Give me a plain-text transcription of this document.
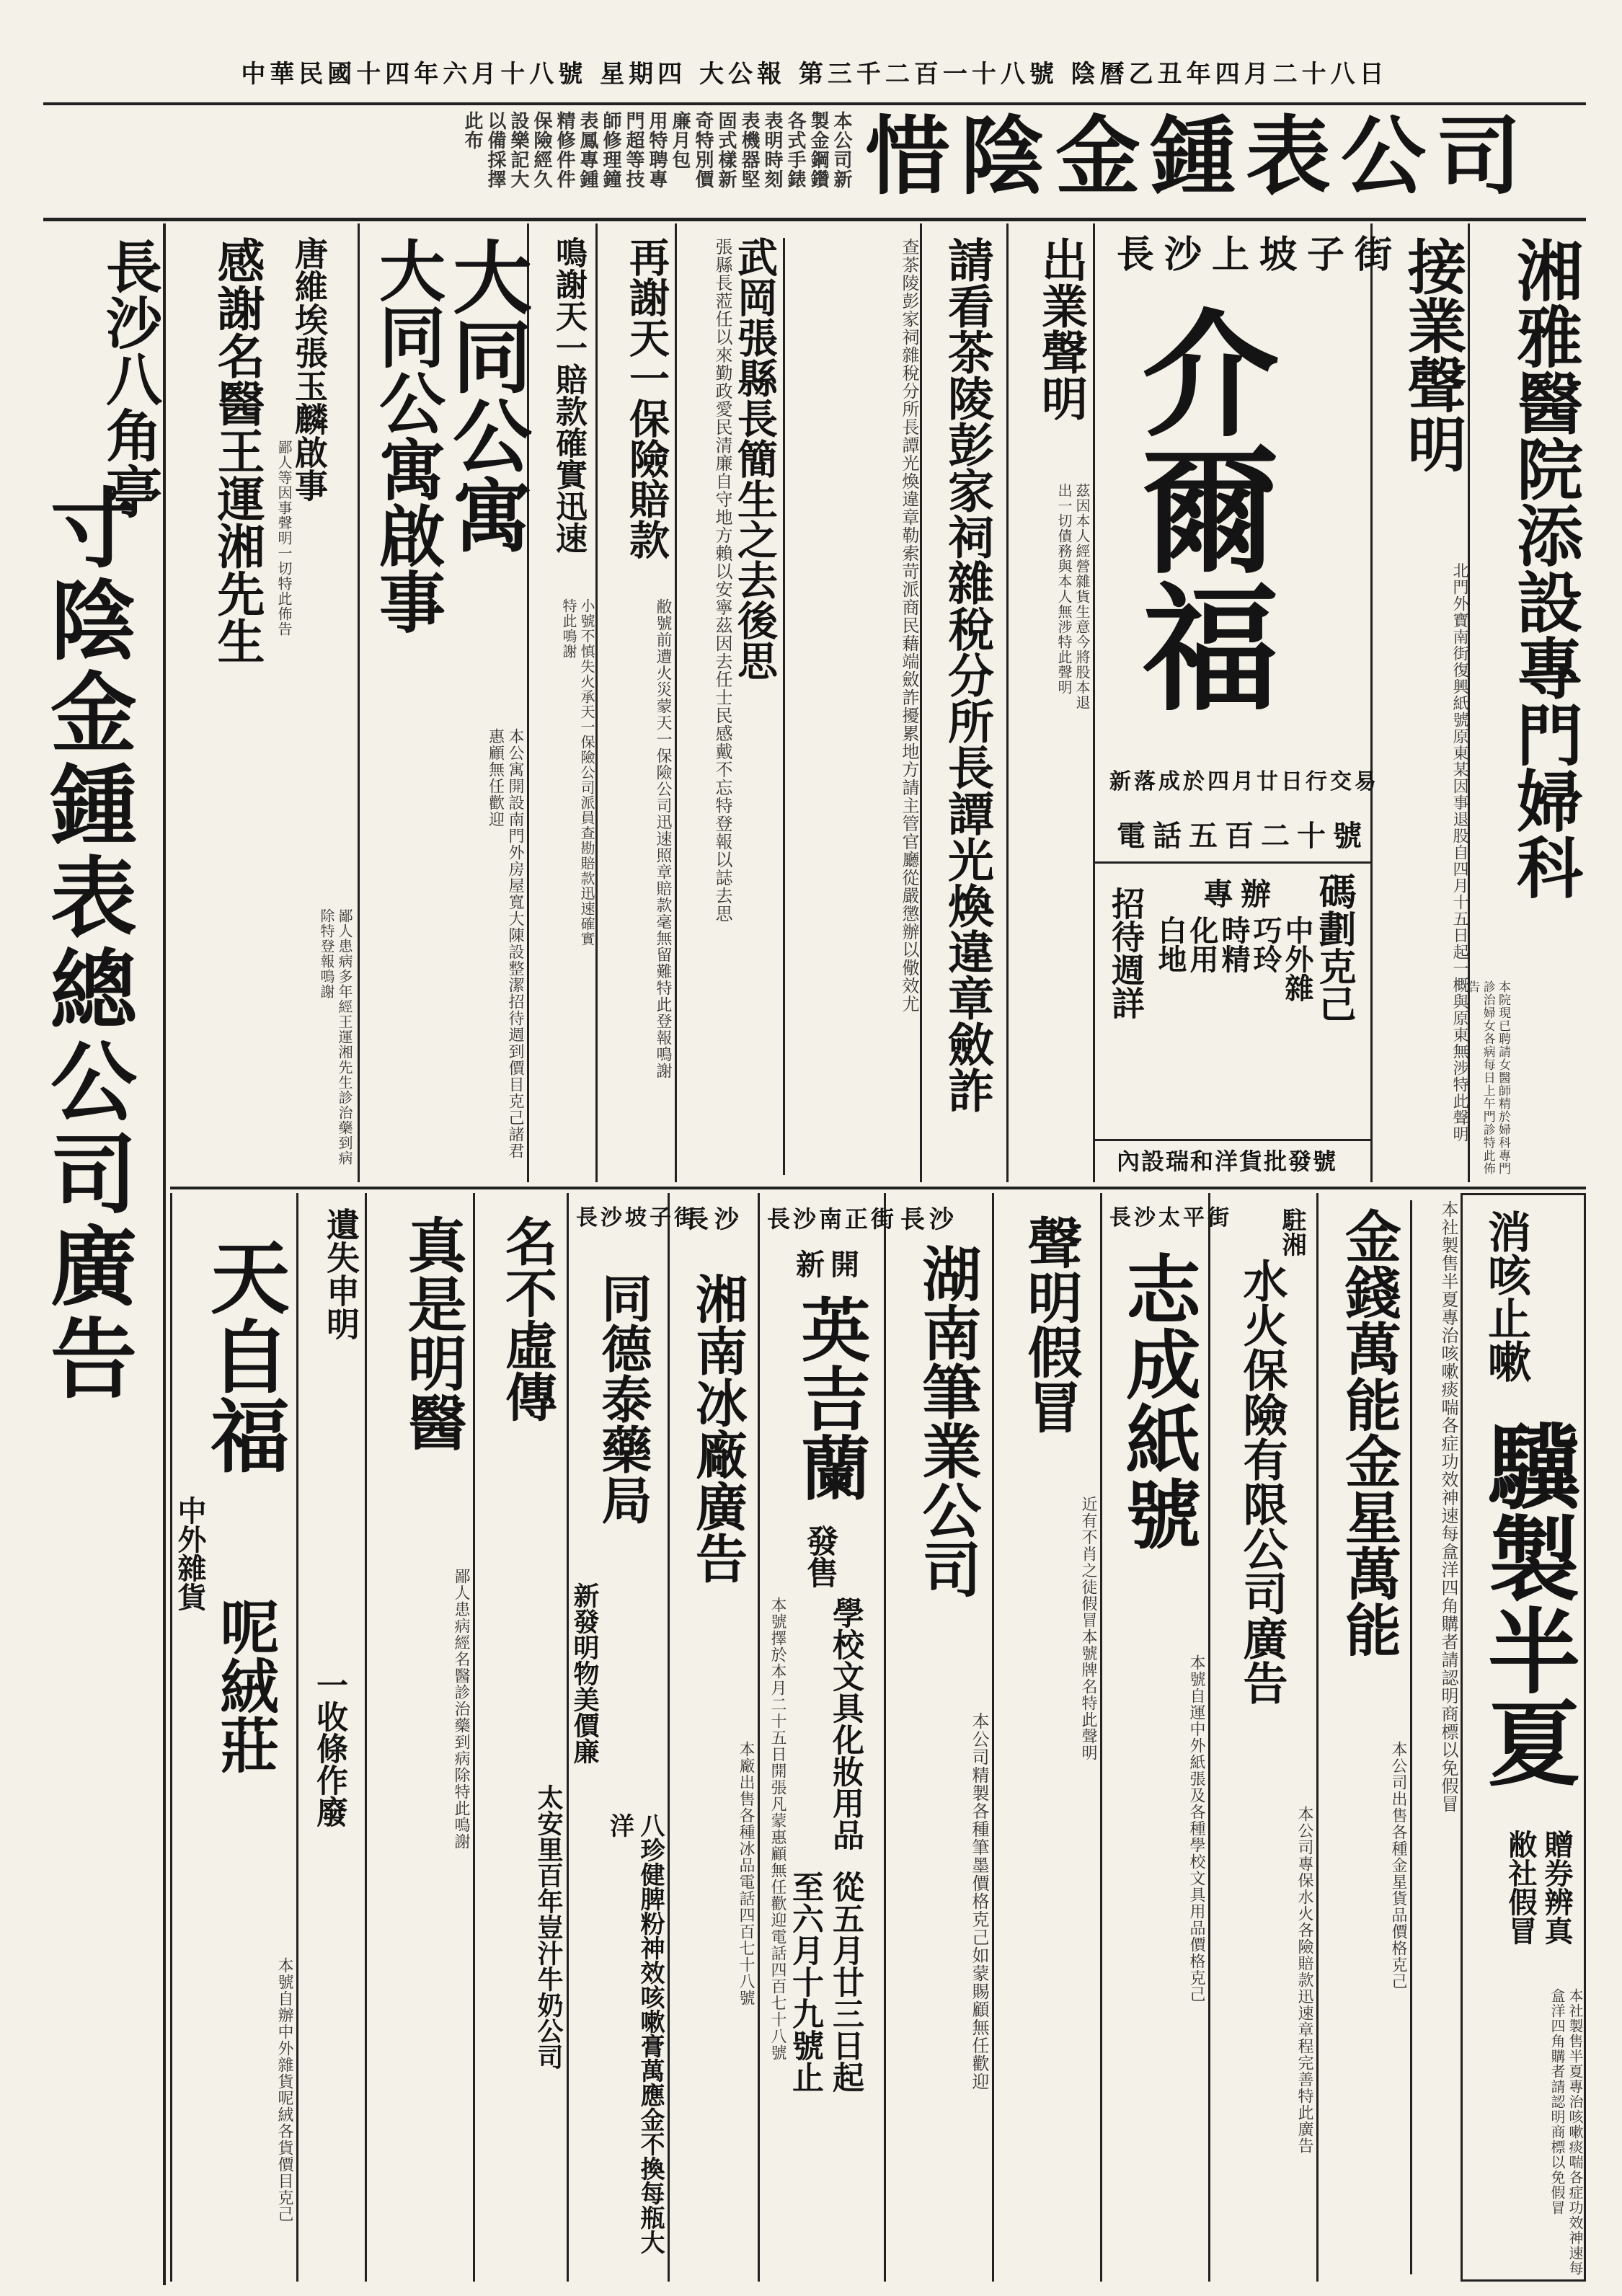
中華民國十四年六月十八號 星期四 大公報 第三千二百一十八號 陰曆乙丑年四月二十八日
惜陰金鍾表公司
本公司新
製金鋼鑽
各式手錶
表明時刻
表機器堅
固式樣新
奇特別價
廉月包
用特聘專
門超等技
師修理鐘
表鳳專鍾
精修件件
保險經久
設樂記大
以備採擇
此布
長沙八角亭
寸陰金鍾表總公司廣告	湘雅醫院添設專門婦科
本院現已聘請女醫師精於婦科專門診治婦女各病每日上午門診特此佈告
接業聲明
北門外寶南街復興紙號原東某因事退股自四月十五日起一概與原東無涉特此聲明
長沙上坡子街
介爾福
新落成於四月廿日行交易
電話五百二十號
碼劃克己
專辦
中外雜
巧玲
時精
化用
白地
招待週詳
內設瑞和洋貨批發號
出業聲明
茲因本人經營雜貨生意今將股本退出一切債務與本人無涉特此聲明
請看茶陵彭家祠雜稅分所長譚光煥違章斂詐
查茶陵彭家祠雜稅分所長譚光煥違章勒索苛派商民藉端斂詐擾累地方請主管官廳從嚴懲辦以儆效尤
武岡張縣長簡生之去後思
張縣長蒞任以來勤政愛民清廉自守地方賴以安寧茲因去任士民感戴不忘特登報以誌去思
再謝天一保險賠款
敝號前遭火災蒙天一保險公司迅速照章賠款毫無留難特此登報鳴謝
鳴謝天一賠款確實迅速
小號不慎失火承天一保險公司派員查勘賠款迅速確實特此鳴謝
大同公寓
大同公寓啟事
本公寓開設南門外房屋寬大陳設整潔招待週到價目克己諸君惠顧無任歡迎
唐維埃張玉麟啟事
鄙人等因事聲明一切特此佈告
感謝名醫王運湘先生
鄙人患病多年經王運湘先生診治藥到病除特登報鳴謝
消咳止嗽
驥製半夏
贈券辨真
敝社假冒
本社製售半夏專治咳嗽痰喘各症功效神速每盒洋四角購者請認明商標以免假冒
本社製售半夏專治咳嗽痰喘各症功效神速每盒洋四角購者請認明商標以免假冒
金錢萬能金星萬能
本公司出售各種金星貨品價格克己
駐湘
水火保險有限公司廣告
本公司專保水火各險賠款迅速章程完善特此廣告
長沙太平街
志成紙號
本號自運中外紙張及各種學校文具用品價格克己
聲明假冒
近有不肖之徒假冒本號牌名特此聲明
長沙
湖南筆業公司
本公司精製各種筆墨價格克己如蒙賜顧無任歡迎
長沙南正街
新開
英吉蘭
發售
學校文具化妝用品
從五月廿三日起
至六月十九號止
本號擇於本月二十五日開張凡蒙惠顧無任歡迎電話四百七十八號
長沙
湘南冰廠廣告
本廠出售各種冰品電話四百七十八號
長沙坡子街
同德泰藥局
新發明物美價廉
八珍健脾粉神效咳嗽膏萬應金不換每瓶大洋
名不虛傳
太安里百年豈汁牛奶公司
真是明醫
鄙人患病經名醫診治藥到病除特此鳴謝
遺失申明
一收條作廢
天自福
中外雜貨
呢絨莊
本號自辦中外雜貨呢絨各貨價目克己
